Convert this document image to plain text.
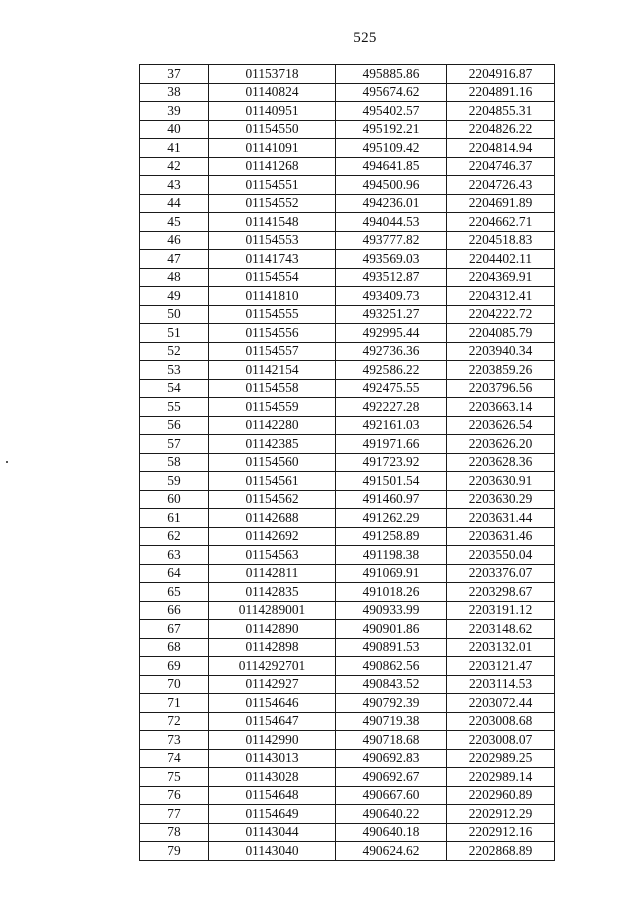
525
37	01153718	495885.86	2204916.87
38	01140824	495674.62	2204891.16
39	01140951	495402.57	2204855.31
40	01154550	495192.21	2204826.22
41	01141091	495109.42	2204814.94
42	01141268	494641.85	2204746.37
43	01154551	494500.96	2204726.43
44	01154552	494236.01	2204691.89
45	01141548	494044.53	2204662.71
46	01154553	493777.82	2204518.83
47	01141743	493569.03	2204402.11
48	01154554	493512.87	2204369.91
49	01141810	493409.73	2204312.41
50	01154555	493251.27	2204222.72
51	01154556	492995.44	2204085.79
52	01154557	492736.36	2203940.34
53	01142154	492586.22	2203859.26
54	01154558	492475.55	2203796.56
55	01154559	492227.28	2203663.14
56	01142280	492161.03	2203626.54
57	01142385	491971.66	2203626.20
58	01154560	491723.92	2203628.36
59	01154561	491501.54	2203630.91
60	01154562	491460.97	2203630.29
61	01142688	491262.29	2203631.44
62	01142692	491258.89	2203631.46
63	01154563	491198.38	2203550.04
64	01142811	491069.91	2203376.07
65	01142835	491018.26	2203298.67
66	0114289001	490933.99	2203191.12
67	01142890	490901.86	2203148.62
68	01142898	490891.53	2203132.01
69	0114292701	490862.56	2203121.47
70	01142927	490843.52	2203114.53
71	01154646	490792.39	2203072.44
72	01154647	490719.38	2203008.68
73	01142990	490718.68	2203008.07
74	01143013	490692.83	2202989.25
75	01143028	490692.67	2202989.14
76	01154648	490667.60	2202960.89
77	01154649	490640.22	2202912.29
78	01143044	490640.18	2202912.16
79	01143040	490624.62	2202868.89
